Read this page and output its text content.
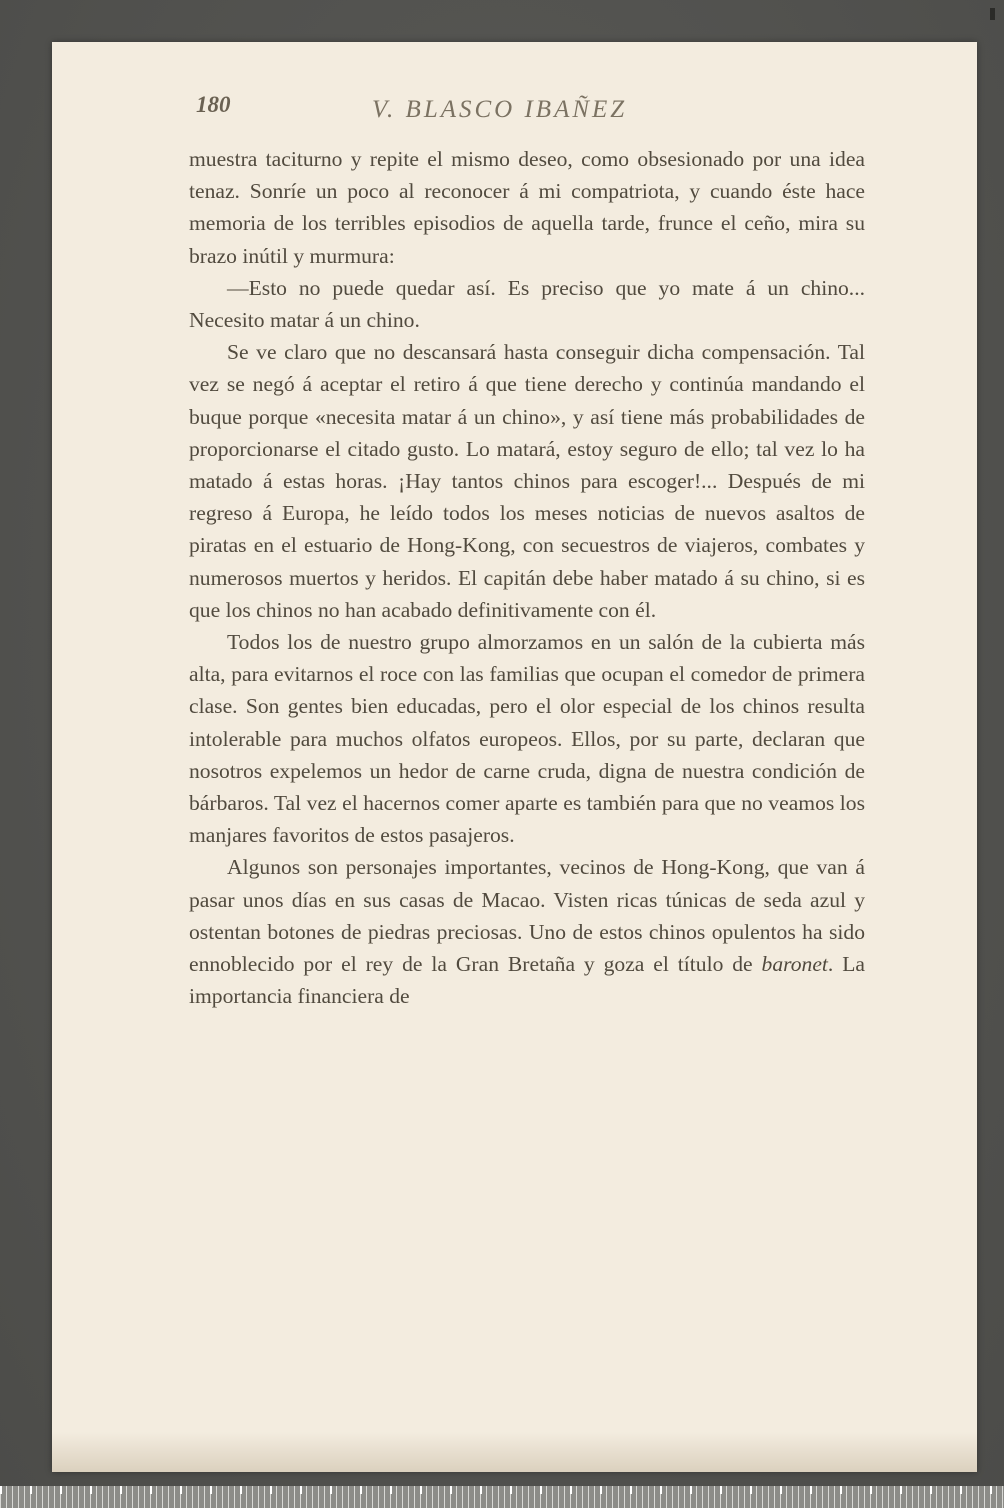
180	V. BLASCO IBAÑEZ

muestra taciturno y repite el mismo deseo, como obsesionado por una idea tenaz. Sonríe un poco al reconocer á mi compatriota, y cuando éste hace memoria de los terribles episodios de aquella tarde, frunce el ceño, mira su brazo inútil y murmura:

—Esto no puede quedar así. Es preciso que yo mate á un chino... Necesito matar á un chino.

Se ve claro que no descansará hasta conseguir dicha compensación. Tal vez se negó á aceptar el retiro á que tiene derecho y continúa mandando el buque porque «necesita matar á un chino», y así tiene más probabilidades de proporcionarse el citado gusto. Lo matará, estoy seguro de ello; tal vez lo ha matado á estas horas. ¡Hay tantos chinos para escoger!... Después de mi regreso á Europa, he leído todos los meses noticias de nuevos asaltos de piratas en el estuario de Hong-Kong, con secuestros de viajeros, combates y numerosos muertos y heridos. El capitán debe haber matado á su chino, si es que los chinos no han acabado definitivamente con él.

Todos los de nuestro grupo almorzamos en un salón de la cubierta más alta, para evitarnos el roce con las familias que ocupan el comedor de primera clase. Son gentes bien educadas, pero el olor especial de los chinos resulta intolerable para muchos olfatos europeos. Ellos, por su parte, declaran que nosotros expelemos un hedor de carne cruda, digna de nuestra condición de bárbaros. Tal vez el hacernos comer aparte es también para que no veamos los manjares favoritos de estos pasajeros.

Algunos son personajes importantes, vecinos de Hong-Kong, que van á pasar unos días en sus casas de Macao. Visten ricas túnicas de seda azul y ostentan botones de piedras preciosas. Uno de estos chinos opulentos ha sido ennoblecido por el rey de la Gran Bretaña y goza el título de baronet. La importancia financiera de
